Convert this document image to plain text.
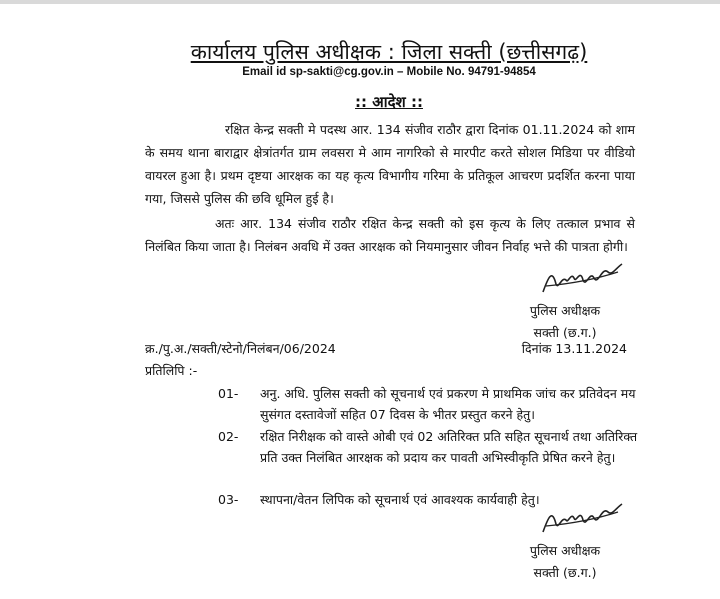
कार्यालय पुलिस अधीक्षक : जिला सक्ती (छत्तीसगढ़)
Email id sp-sakti@cg.gov.in – Mobile No. 94791-94854
:: आदेश ::

रक्षित केन्द्र सक्ती मे पदस्थ आर. 134 संजीव राठौर द्वारा दिनांक 01.11.2024 को शाम के समय थाना बाराद्वार क्षेत्रांतर्गत ग्राम लवसरा मे आम नागरिको से मारपीट करते सोशल मिडिया पर वीडियो वायरल हुआ है। प्रथम दृष्टया आरक्षक का यह कृत्य विभागीय गरिमा के प्रतिकूल आचरण प्रदर्शित करना पाया गया, जिससे पुलिस की छवि धूमिल हुई है।

अतः आर. 134 संजीव राठौर रक्षित केन्द्र सक्ती को इस कृत्य के लिए तत्काल प्रभाव से निलंबित किया जाता है। निलंबन अवधि में उक्त आरक्षक को नियमानुसार जीवन निर्वाह भत्ते की पात्रता होगी।

पुलिस अधीक्षक
सक्ती (छ.ग.)
क्र./पु.अ./सक्ती/स्टेनो/निलंबन/06/2024	दिनांक 13.11.2024
प्रतिलिपि :-
01-	अनु. अधि. पुलिस सक्ती को सूचनार्थ एवं प्रकरण मे प्राथमिक जांच कर प्रतिवेदन मय सुसंगत दस्तावेजों सहित 07 दिवस के भीतर प्रस्तुत करने हेतु।
02-	रक्षित निरीक्षक को वास्ते ओबी एवं 02 अतिरिक्त प्रति सहित सूचनार्थ तथा अतिरिक्त प्रति उक्त निलंबित आरक्षक को प्रदाय कर पावती अभिस्वीकृति प्रेषित करने हेतु।
03-	स्थापना/वेतन लिपिक को सूचनार्थ एवं आवश्यक कार्यवाही हेतु।
पुलिस अधीक्षक
सक्ती (छ.ग.)
